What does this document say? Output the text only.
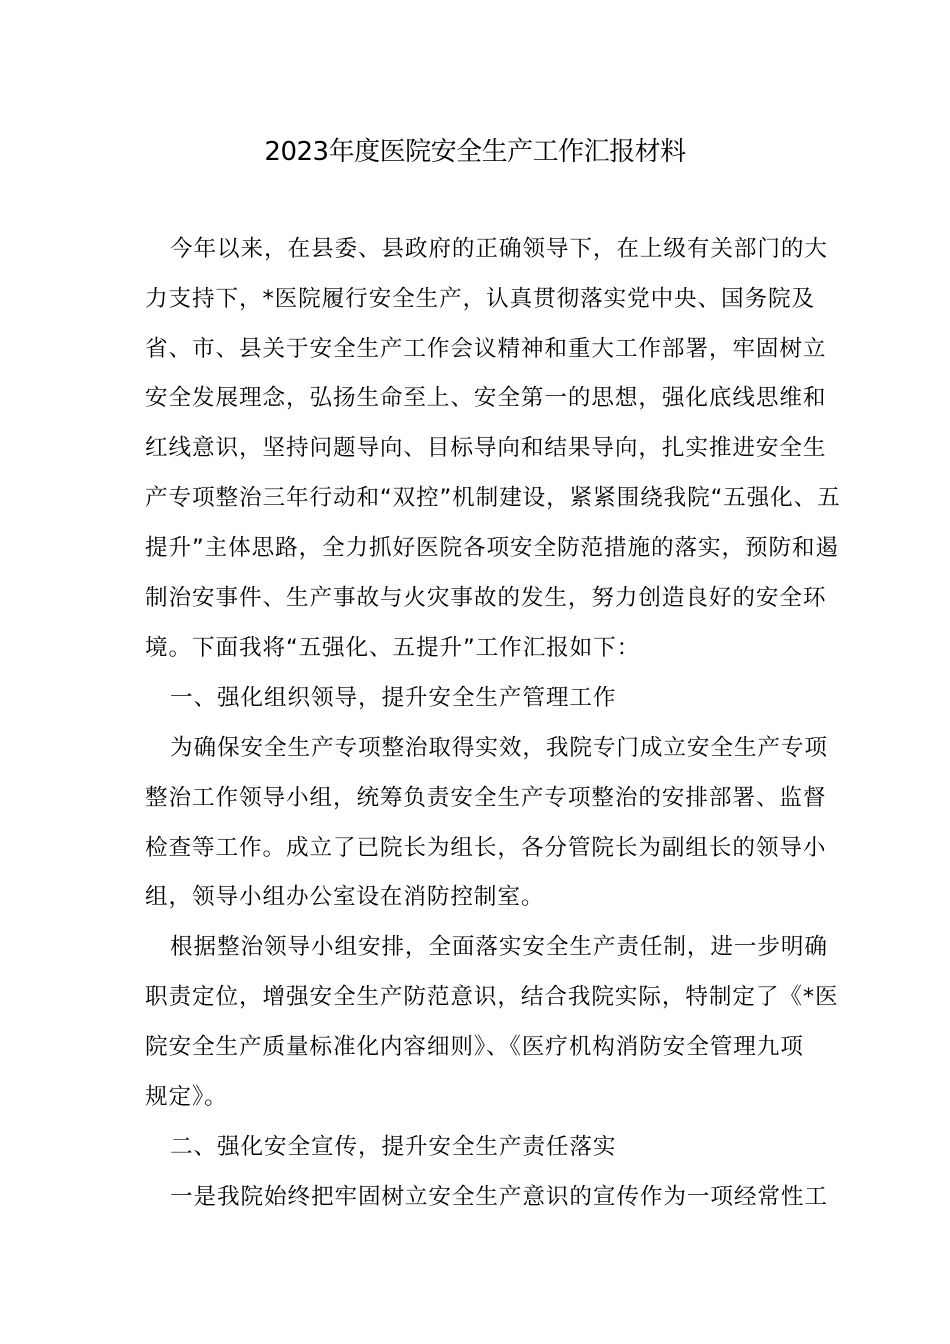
2023年度医院安全生产工作汇报材料
今年以来，在县委、县政府的正确领导下，在上级有关部门的大
力支持下，*医院履行安全生产，认真贯彻落实党中央、国务院及
省、市、县关于安全生产工作会议精神和重大工作部署，牢固树立
安全发展理念，弘扬生命至上、安全第一的思想，强化底线思维和
红线意识，坚持问题导向、目标导向和结果导向，扎实推进安全生
产专项整治三年行动和“双控”机制建设，紧紧围绕我院“五强化、五
提升”主体思路，全力抓好医院各项安全防范措施的落实，预防和遏
制治安事件、生产事故与火灾事故的发生，努力创造良好的安全环
境。下面我将“五强化、五提升”工作汇报如下：
一、强化组织领导，提升安全生产管理工作
为确保安全生产专项整治取得实效，我院专门成立安全生产专项
整治工作领导小组，统筹负责安全生产专项整治的安排部署、监督
检查等工作。成立了已院长为组长，各分管院长为副组长的领导小
组，领导小组办公室设在消防控制室。
根据整治领导小组安排，全面落实安全生产责任制，进一步明确
职责定位，增强安全生产防范意识，结合我院实际，特制定了《*医
院安全生产质量标准化内容细则》、《医疗机构消防安全管理九项
规定》。
二、强化安全宣传，提升安全生产责任落实
一是我院始终把牢固树立安全生产意识的宣传作为一项经常性工
